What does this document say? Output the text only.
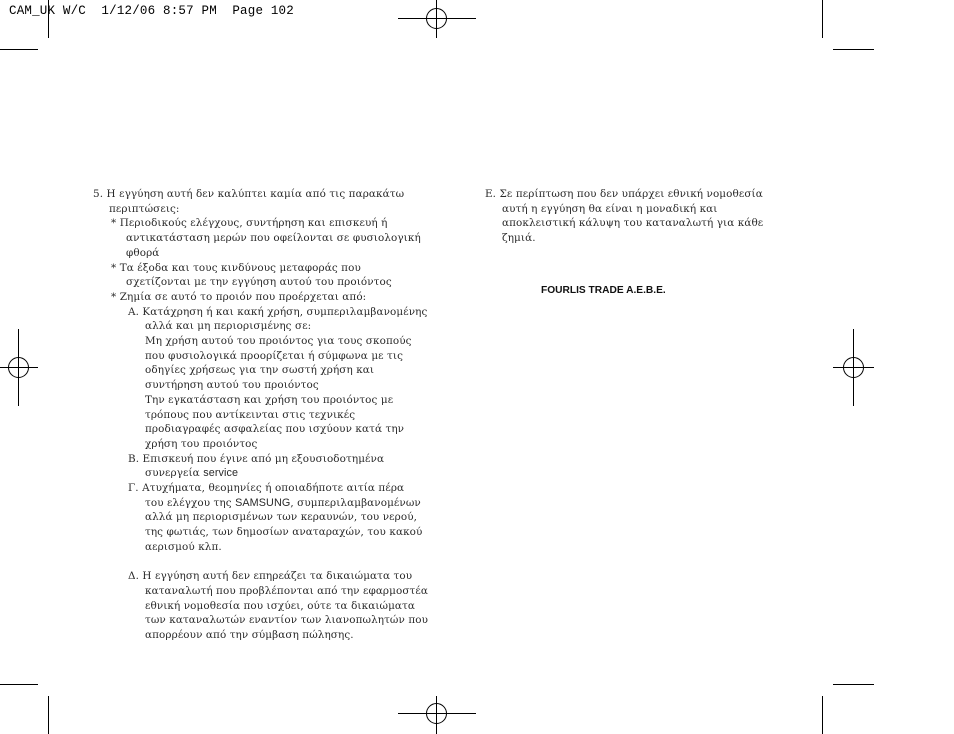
CAM_UK W/C  1/12/06 8:57 PM  Page 102

5. Η εγγύηση αυτή δεν καλύπτει καμία από τις παρακάτω

περιπτώσεις:

* Περιοδικούς ελέγχους, συντήρηση και επισκευή ή

αντικατάσταση μερών που οφείλονται σε φυσιολογική

φθορά

* Τα έξοδα και τους κινδύνους μεταφοράς που

σχετίζονται με την εγγύηση αυτού του προιόντος

* Ζημία σε αυτό το προιόν που προέρχεται από:

Α. Κατάχρηση ή και κακή χρήση, συμπεριλαμβανομένης

αλλά και μη περιορισμένης σε:

Μη χρήση αυτού του προιόντος για τους σκοπούς

που φυσιολογικά προορίζεται ή σύμφωνα με τις

οδηγίες χρήσεως για την σωστή χρήση και

συντήρηση αυτού του προιόντος

Την εγκατάσταση και χρήση του προιόντος με

τρόπους που αντίκεινται στις τεχνικές

προδιαγραφές ασφαλείας που ισχύουν κατά την

χρήση του προιόντος

Β. Επισκευή που έγινε από μη εξουσιοδοτημένα

συνεργεία service

Γ. Ατυχήματα, θεομηνίες ή οποιαδήποτε αιτία πέρα

του ελέγχου της SAMSUNG, συμπεριλαμβανομένων

αλλά μη περιορισμένων των κεραυνών, του νερού,

της φωτιάς, των δημοσίων αναταραχών, του κακού

αερισμού κλπ.

Δ. Η εγγύηση αυτή δεν επηρεάζει τα δικαιώματα του

καταναλωτή που προβλέπονται από την εφαρμοστέα

εθνική νομοθεσία που ισχύει, ούτε τα δικαιώματα

των καταναλωτών εναντίον των λιανοπωλητών που

απορρέουν από την σύμβαση πώλησης.

Ε. Σε περίπτωση που δεν υπάρχει εθνική νομοθεσία

αυτή η εγγύηση θα είναι η μοναδική και

αποκλειστική κάλυψη του καταναλωτή για κάθε

ζημιά.

FOURLIS TRADE A.E.B.E.
